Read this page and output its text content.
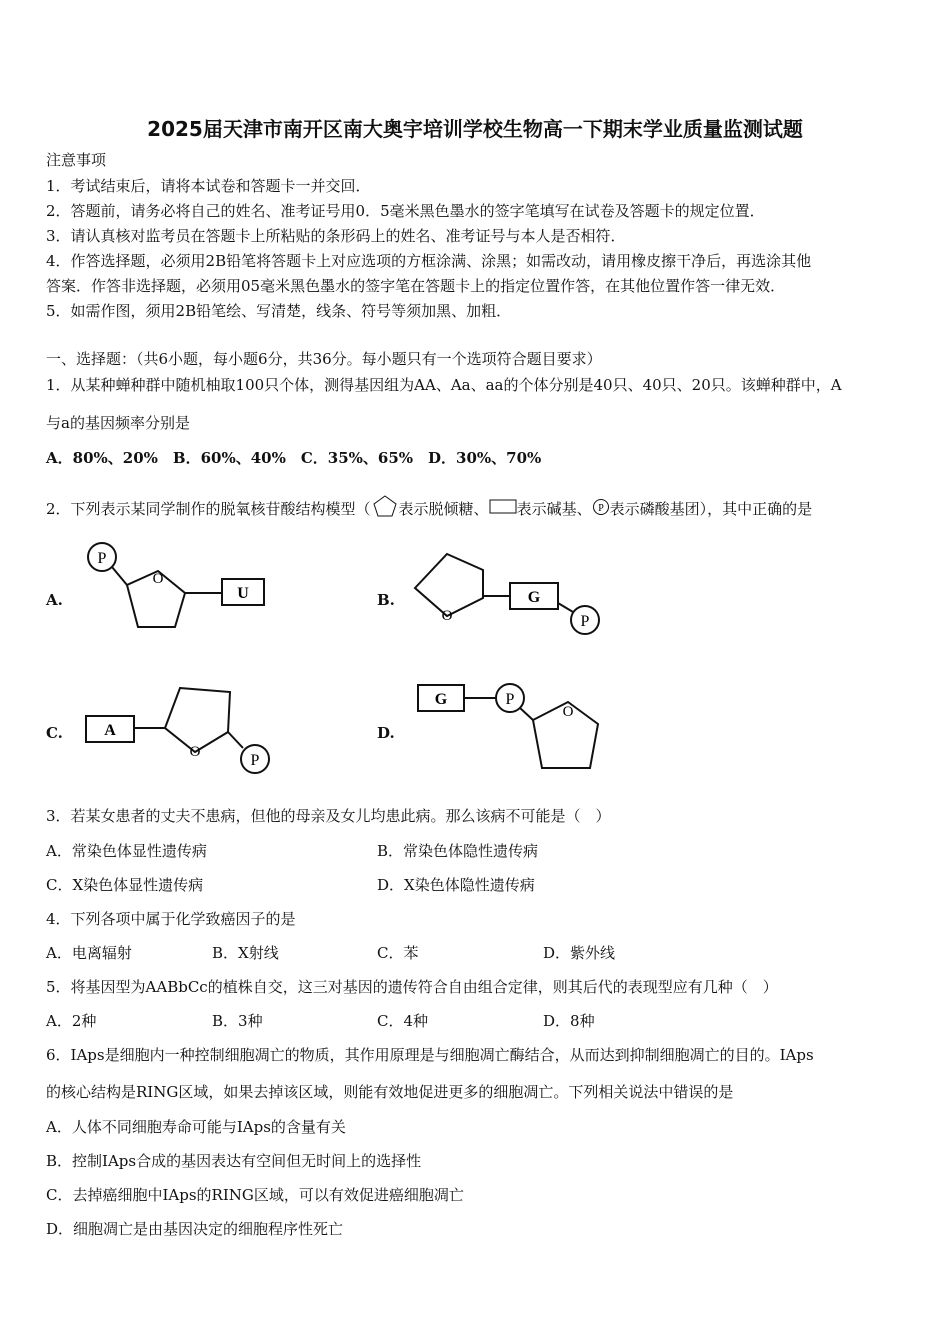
2025届天津市南开区南大奥宇培训学校生物高一下期末学业质量监测试题
注意事项
1．考试结束后，请将本试卷和答题卡一并交回．
2．答题前，请务必将自己的姓名、准考证号用0．5毫米黑色墨水的签字笔填写在试卷及答题卡的规定位置．
3．请认真核对监考员在答题卡上所粘贴的条形码上的姓名、准考证号与本人是否相符．
4．作答选择题，必须用2B铅笔将答题卡上对应选项的方框涂满、涂黑；如需改动，请用橡皮擦干净后，再选涂其他
答案．作答非选择题，必须用05毫米黑色墨水的签字笔在答题卡上的指定位置作答，在其他位置作答一律无效．
5．如需作图，须用2B铅笔绘、写清楚，线条、符号等须加黑、加粗．
一、选择题：（共6小题，每小题6分，共36分。每小题只有一个选项符合题目要求）
1．从某种蝉种群中随机柚取100只个体，测得基因组为AA、Aa、aa的个体分别是40只、40只、20只。该蝉种群中，A
与a的基因频率分别是
A．80%、20%　B．60%、40%　C．35%、65%　D．30%、70%
2．下列表示某同学制作的脱氧核苷酸结构模型（ 表示脱倾糖、 表示碱基、 P 表示磷酸基团），其中正确的是
A.
P
O
U	B.
O
G
P
C.	A
O	P
D.
G	P
O
3．若某女患者的丈夫不患病，但他的母亲及女儿均患此病。那么该病不可能是（　）
A．常染色体显性遗传病	B．常染色体隐性遗传病
C．X染色体显性遗传病	D．X染色体隐性遗传病
4．下列各项中属于化学致癌因子的是
A．电离辐射	B．X射线	C．苯	D．紫外线
5．将基因型为AABbCc的植株自交，这三对基因的遗传符合自由组合定律，则其后代的表现型应有几种（　）
A．2种	B．3种	C．4种	D．8种
6．IAps是细胞内一种控制细胞凋亡的物质，其作用原理是与细胞凋亡酶结合，从而达到抑制细胞凋亡的目的。IAps
的核心结构是RING区域，如果去掉该区域，则能有效地促进更多的细胞凋亡。下列相关说法中错误的是
A．人体不同细胞寿命可能与IAps的含量有关
B．控制IAps合成的基因表达有空间但无时间上的选择性
C．去掉癌细胞中IAps的RING区域，可以有效促进癌细胞凋亡
D．细胞凋亡是由基因决定的细胞程序性死亡
